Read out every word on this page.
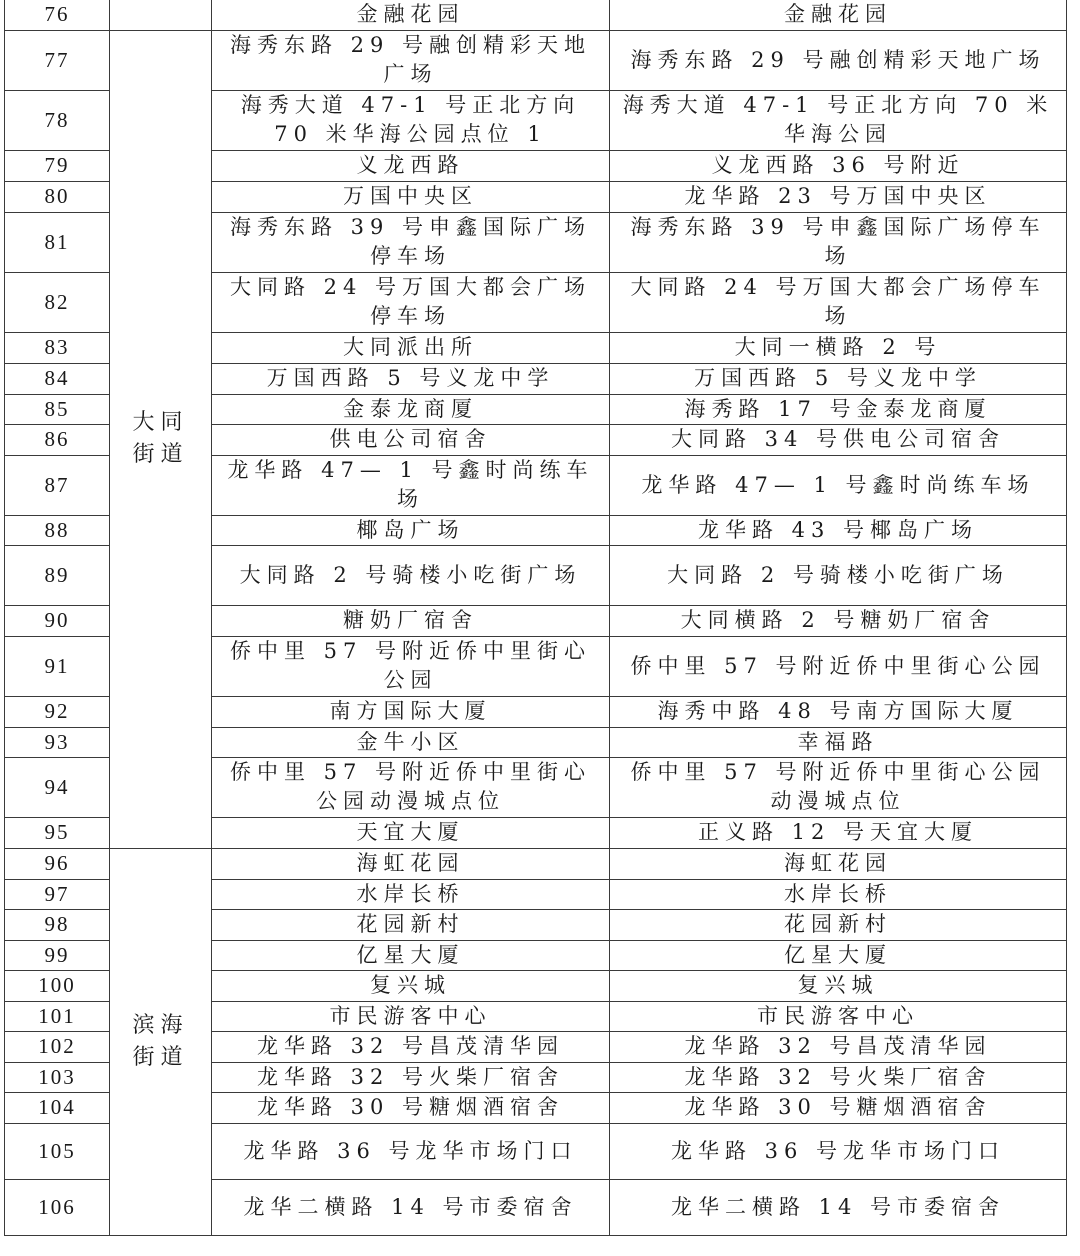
76		金融花园	金融花园
77	大同街道	海秀东路 29 号融创精彩天地广场	海秀东路 29 号融创精彩天地广场
78		海秀大道 47-1 号正北方向 70 米华海公园点位 1	海秀大道 47-1 号正北方向 70 米华海公园
79		义龙西路	义龙西路 36 号附近
80		万国中央区	龙华路 23 号万国中央区
81		海秀东路 39 号申鑫国际广场停车场	海秀东路 39 号申鑫国际广场停车场
82		大同路 24 号万国大都会广场停车场	大同路 24 号万国大都会广场停车场
83		大同派出所	大同一横路 2 号
84		万国西路 5 号义龙中学	万国西路 5 号义龙中学
85		金泰龙商厦	海秀路 17 号金泰龙商厦
86		供电公司宿舍	大同路 34 号供电公司宿舍
87		龙华路 47— 1 号鑫时尚练车场	龙华路 47— 1 号鑫时尚练车场
88		椰岛广场	龙华路 43 号椰岛广场
89		大同路 2 号骑楼小吃街广场	大同路 2 号骑楼小吃街广场
90		糖奶厂宿舍	大同横路 2 号糖奶厂宿舍
91		侨中里 57 号附近侨中里街心公园	侨中里 57 号附近侨中里街心公园
92		南方国际大厦	海秀中路 48 号南方国际大厦
93		金牛小区	幸福路
94		侨中里 57 号附近侨中里街心公园动漫城点位	侨中里 57 号附近侨中里街心公园动漫城点位
95		天宜大厦	正义路 12 号天宜大厦
96	滨海街道	海虹花园	海虹花园
97		水岸长桥	水岸长桥
98		花园新村	花园新村
99		亿星大厦	亿星大厦
100		复兴城	复兴城
101		市民游客中心	市民游客中心
102		龙华路 32 号昌茂清华园	龙华路 32 号昌茂清华园
103		龙华路 32 号火柴厂宿舍	龙华路 32 号火柴厂宿舍
104		龙华路 30 号糖烟酒宿舍	龙华路 30 号糖烟酒宿舍
105		龙华路 36 号龙华市场门口	龙华路 36 号龙华市场门口
106		龙华二横路 14 号市委宿舍	龙华二横路 14 号市委宿舍
